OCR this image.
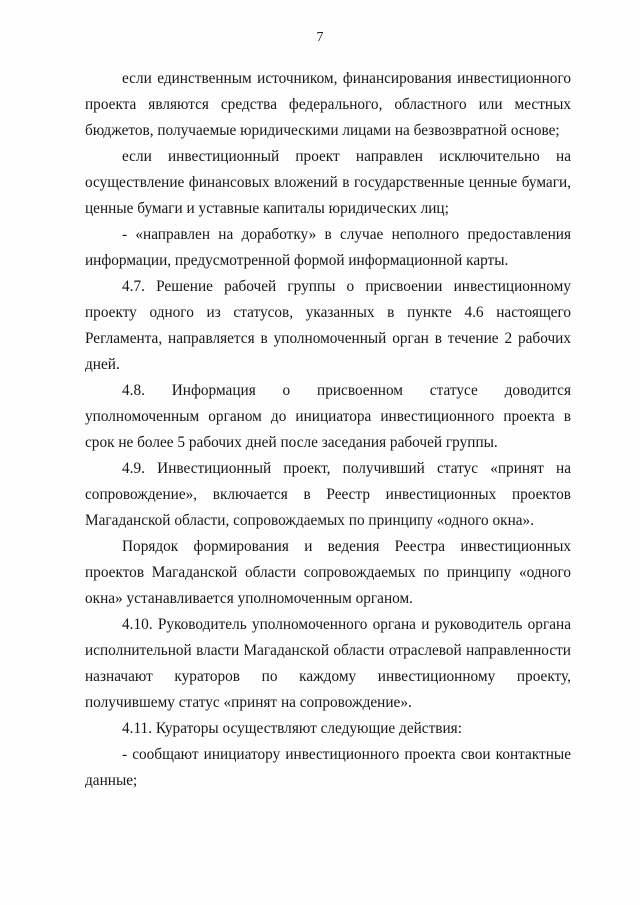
7

если единственным источником, финансирования инвестиционного проекта являются средства федерального, областного или местных бюджетов, получаемые юридическими лицами на безвозвратной основе;

если инвестиционный проект направлен исключительно на осуществление финансовых вложений в государственные ценные бумаги, ценные бумаги и уставные капиталы юридических лиц;

- «направлен на доработку» в случае неполного предоставления информации, предусмотренной формой информационной карты.

4.7. Решение рабочей группы о присвоении инвестиционному проекту одного из статусов, указанных в пункте 4.6 настоящего Регламента, направляется в уполномоченный орган в течение 2 рабочих дней.

4.8. Информация о присвоенном статусе доводится уполномоченным органом до инициатора инвестиционного проекта в срок не более 5 рабочих дней после заседания рабочей группы.

4.9. Инвестиционный проект, получивший статус «принят на сопровождение», включается в Реестр инвестиционных проектов Магаданской области, сопровождаемых по принципу «одного окна».

Порядок формирования и ведения Реестра инвестиционных проектов Магаданской области сопровождаемых по принципу «одного окна» устанавливается уполномоченным органом.

4.10. Руководитель уполномоченного органа и руководитель органа исполнительной власти Магаданской области отраслевой направленности назначают кураторов по каждому инвестиционному проекту, получившему статус «принят на сопровождение».

4.11. Кураторы осуществляют следующие действия:

- сообщают инициатору инвестиционного проекта свои контактные данные;
